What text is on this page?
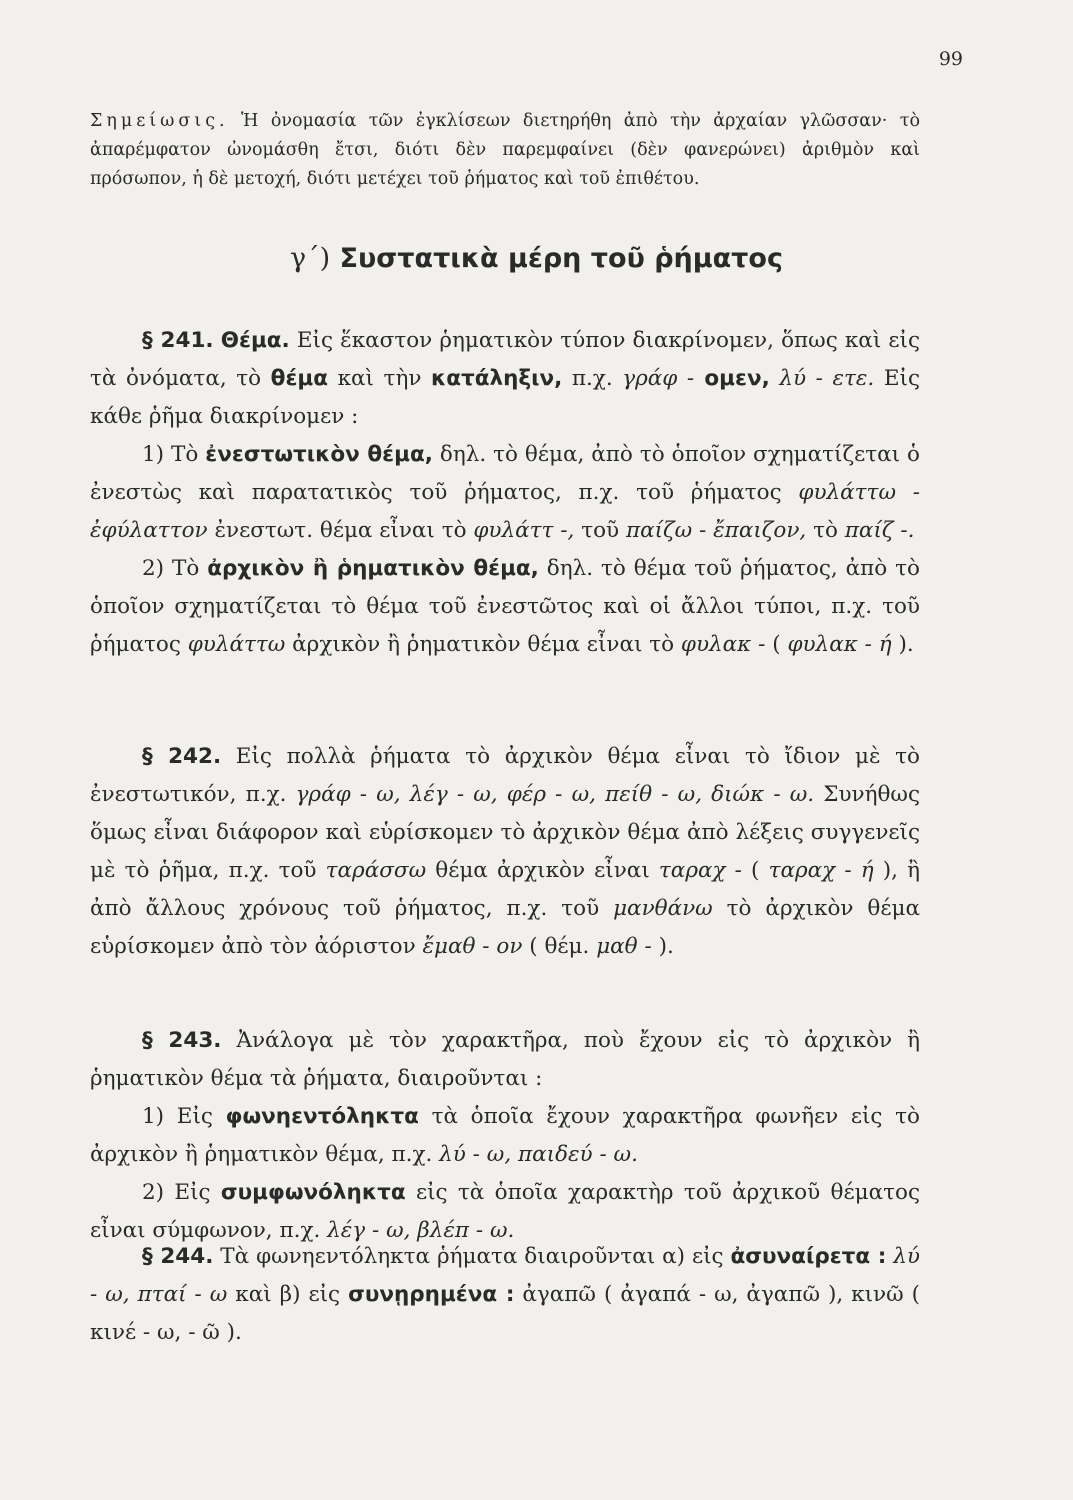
99
Σημείωσις. Ἡ ὀνομασία τῶν ἐγκλίσεων διετηρήθη ἀπὸ τὴν ἀρχαίαν γλῶσσαν· τὸ ἀπαρέμφατον ὠνομάσθη ἔτσι, διότι δὲν παρεμφαίνει (δὲν φανερώνει) ἀριθμὸν καὶ πρόσωπον, ἡ δὲ μετοχή, διότι μετέχει τοῦ ῥήματος καὶ τοῦ ἐπιθέτου.
γ΄) Συστατικὰ μέρη τοῦ ῥήματος

§ 241. Θέμα. Εἰς ἕκαστον ῥηματικὸν τύπον διακρίνομεν, ὅπως καὶ εἰς τὰ ὀνόματα, τὸ θέμα καὶ τὴν κατάληξιν, π.χ. γράφ - ομεν, λύ - ετε. Εἰς κάθε ῥῆμα διακρίνομεν :

1) Τὸ ἐνεστωτικὸν θέμα, δηλ. τὸ θέμα, ἀπὸ τὸ ὁποῖον σχηματίζεται ὁ ἐνεστὼς καὶ παρατατικὸς τοῦ ῥήματος, π.χ. τοῦ ῥήματος φυλάττω - ἐφύλαττον ἐνεστωτ. θέμα εἶναι τὸ φυλάττ -, τοῦ παίζω - ἔπαιζον, τὸ παίζ -.

2) Τὸ ἀρχικὸν ἢ ῥηματικὸν θέμα, δηλ. τὸ θέμα τοῦ ῥήματος, ἀπὸ τὸ ὁποῖον σχηματίζεται τὸ θέμα τοῦ ἐνεστῶτος καὶ οἱ ἄλλοι τύποι, π.χ. τοῦ ῥήματος φυλάττω ἀρχικὸν ἢ ῥηματικὸν θέμα εἶναι τὸ φυλακ - ( φυλακ - ή ).

§ 242. Εἰς πολλὰ ῥήματα τὸ ἀρχικὸν θέμα εἶναι τὸ ἴδιον μὲ τὸ ἐνεστωτικόν, π.χ. γράφ - ω, λέγ - ω, φέρ - ω, πείθ - ω, διώκ - ω. Συνήθως ὅμως εἶναι διάφορον καὶ εὑρίσκομεν τὸ ἀρχικὸν θέμα ἀπὸ λέξεις συγγενεῖς μὲ τὸ ῥῆμα, π.χ. τοῦ ταράσσω θέμα ἀρχικὸν εἶναι ταραχ - ( ταραχ - ή ), ἢ ἀπὸ ἄλλους χρόνους τοῦ ῥήματος, π.χ. τοῦ μανθάνω τὸ ἀρχικὸν θέμα εὑρίσκομεν ἀπὸ τὸν ἀόριστον ἔμαθ - ον ( θέμ. μαθ - ).

§ 243. Ἀνάλογα μὲ τὸν χαρακτῆρα, ποὺ ἔχουν εἰς τὸ ἀρχικὸν ἢ ῥηματικὸν θέμα τὰ ῥήματα, διαιροῦνται :

1) Εἰς φωνηεντόληκτα τὰ ὁποῖα ἔχουν χαρακτῆρα φωνῆεν εἰς τὸ ἀρχικὸν ἢ ῥηματικὸν θέμα, π.χ. λύ - ω, παιδεύ - ω.

2) Εἰς συμφωνόληκτα εἰς τὰ ὁποῖα χαρακτὴρ τοῦ ἀρχικοῦ θέματος εἶναι σύμφωνον, π.χ. λέγ - ω, βλέπ - ω.

§ 244. Τὰ φωνηεντόληκτα ῥήματα διαιροῦνται α) εἰς ἀσυναίρετα : λύ - ω, πταί - ω καὶ β) εἰς συνῃρημένα : ἀγαπῶ ( ἀγαπά - ω, ἀγαπῶ ), κινῶ ( κινέ - ω, - ῶ ).
